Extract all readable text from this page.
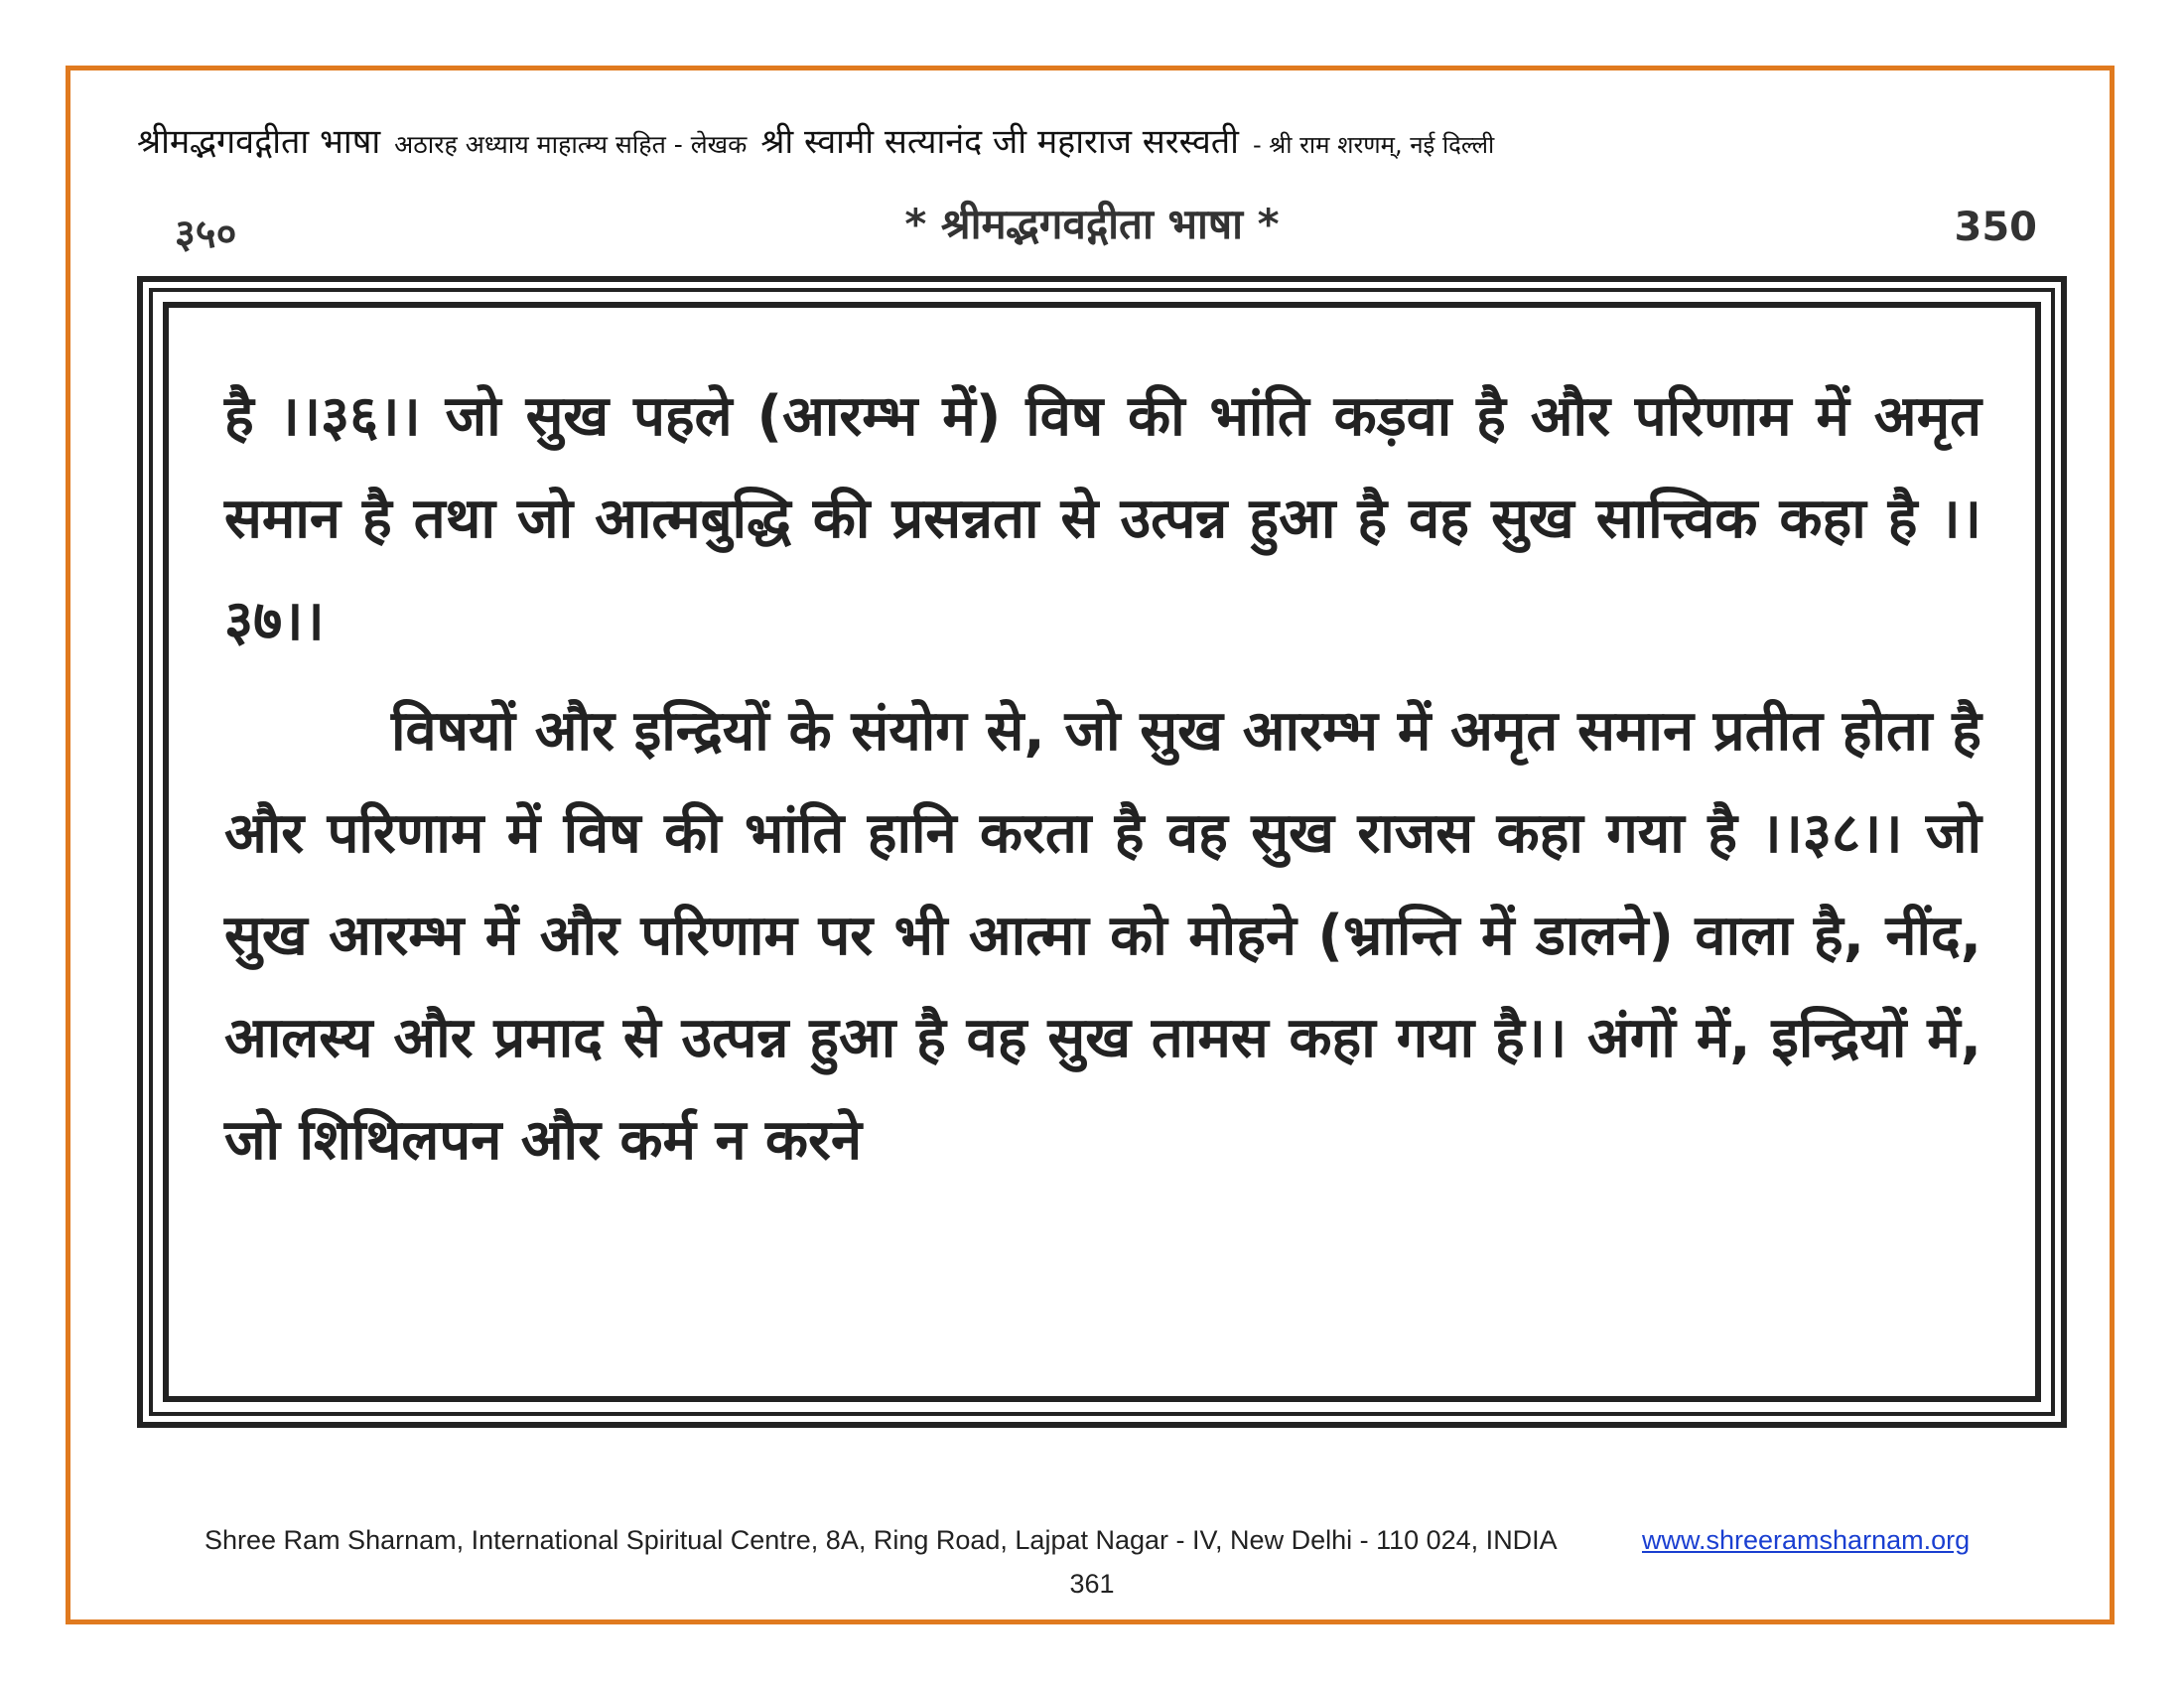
श्रीमद्भगवद्गीता भाषा अठारह अध्याय माहात्म्य सहित - लेखक श्री स्वामी सत्यानंद जी महाराज सरस्वती - श्री राम शरणम्, नई दिल्ली
३५०	* श्रीमद्भगवद्गीता भाषा *	350

है ।।३६।। जो सुख पहले (आरम्भ में) विष की भांति कड़वा है और परिणाम में अमृत समान है तथा जो आत्मबुद्धि की प्रसन्नता से उत्पन्न हुआ है वह सुख सात्त्विक कहा है ।।३७।।

विषयों और इन्द्रियों के संयोग से, जो सुख आरम्भ में अमृत समान प्रतीत होता है और परिणाम में विष की भांति हानि करता है वह सुख राजस कहा गया है ।।३८।। जो सुख आरम्भ में और परिणाम पर भी आत्मा को मोहने (भ्रान्ति में डालने) वाला है, नींद, आलस्य और प्रमाद से उत्पन्न हुआ है वह सुख तामस कहा गया है।। अंगों में, इन्द्रियों में, जो शिथिलपन और कर्म न करने

Shree Ram Sharnam, International Spiritual Centre, 8A, Ring Road, Lajpat Nagar - IV, New Delhi - 110 024, INDIA	www.shreeramsharnam.org
361
